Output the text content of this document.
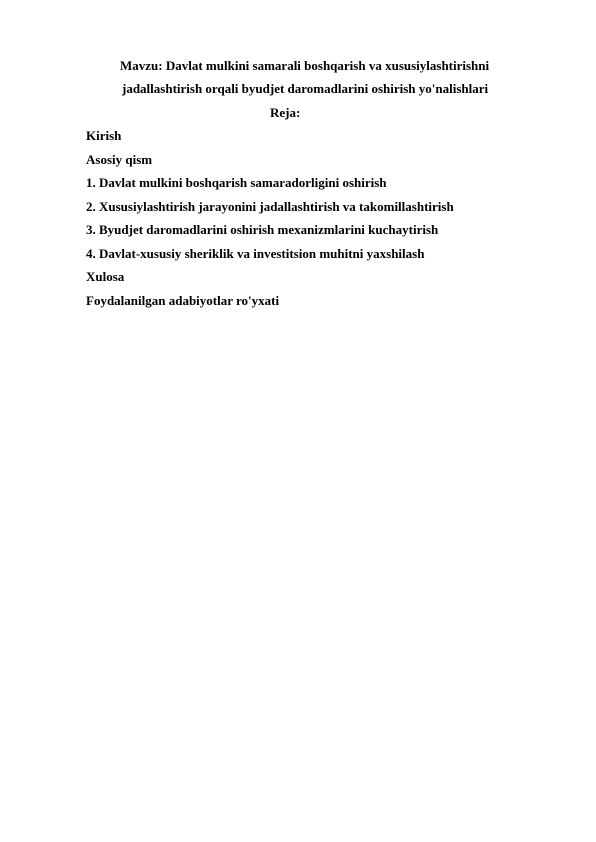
Mavzu: Davlat mulkini samarali boshqarish va xususiylashtirishni
jadallashtirish orqali byudjet daromadlarini oshirish yo'nalishlari
Reja:
Kirish
Asosiy qism
1. Davlat mulkini boshqarish samaradorligini oshirish
2. Xususiylashtirish jarayonini jadallashtirish va takomillashtirish
3. Byudjet daromadlarini oshirish mexanizmlarini kuchaytirish
4. Davlat-xususiy sheriklik va investitsion muhitni yaxshilash
Xulosa
Foydalanilgan adabiyotlar ro'yxati
